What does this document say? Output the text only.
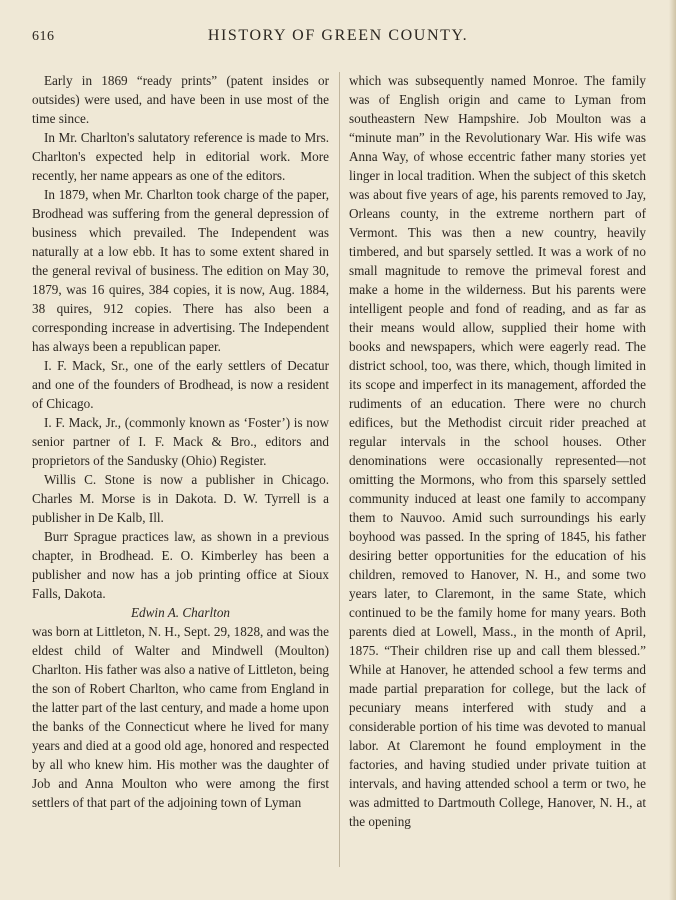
616	HISTORY OF GREEN COUNTY.

Early in 1869 “ready prints” (patent insides or outsides) were used, and have been in use most of the time since.

In Mr. Charlton's salutatory reference is made to Mrs. Charlton's expected help in editorial work. More recently, her name appears as one of the editors.

In 1879, when Mr. Charlton took charge of the paper, Brodhead was suffering from the general depression of business which prevailed. The Independent was naturally at a low ebb. It has to some extent shared in the general revival of business. The edition on May 30, 1879, was 16 quires, 384 copies, it is now, Aug. 1884, 38 quires, 912 copies. There has also been a corresponding increase in advertising. The Independent has always been a republican paper.

I. F. Mack, Sr., one of the early settlers of Decatur and one of the founders of Brodhead, is now a resident of Chicago.

I. F. Mack, Jr., (commonly known as ‘Foster’) is now senior partner of I. F. Mack & Bro., editors and proprietors of the Sandusky (Ohio) Register.

Willis C. Stone is now a publisher in Chicago. Charles M. Morse is in Dakota. D. W. Tyrrell is a publisher in De Kalb, Ill.

Burr Sprague practices law, as shown in a previous chapter, in Brodhead. E. O. Kimberley has been a publisher and now has a job printing office at Sioux Falls, Dakota.

Edwin A. Charlton

was born at Littleton, N. H., Sept. 29, 1828, and was the eldest child of Walter and Mindwell (Moulton) Charlton. His father was also a native of Littleton, being the son of Robert Charlton, who came from England in the latter part of the last century, and made a home upon the banks of the Connecticut where he lived for many years and died at a good old age, honored and respected by all who knew him. His mother was the daughter of Job and Anna Moulton who were among the first settlers of that part of the adjoining town of Lyman

which was subsequently named Monroe. The family was of English origin and came to Lyman from southeastern New Hampshire. Job Moulton was a “minute man” in the Revolutionary War. His wife was Anna Way, of whose eccentric father many stories yet linger in local tradition. When the subject of this sketch was about five years of age, his parents removed to Jay, Orleans county, in the extreme northern part of Vermont. This was then a new country, heavily timbered, and but sparsely settled. It was a work of no small magnitude to remove the primeval forest and make a home in the wilderness. But his parents were intelligent people and fond of reading, and as far as their means would allow, supplied their home with books and newspapers, which were eagerly read. The district school, too, was there, which, though limited in its scope and imperfect in its management, afforded the rudiments of an education. There were no church edifices, but the Methodist circuit rider preached at regular intervals in the school houses. Other denominations were occasionally represented—not omitting the Mormons, who from this sparsely settled community induced at least one family to accompany them to Nauvoo. Amid such surroundings his early boyhood was passed. In the spring of 1845, his father desiring better opportunities for the education of his children, removed to Hanover, N. H., and some two years later, to Claremont, in the same State, which continued to be the family home for many years. Both parents died at Lowell, Mass., in the month of April, 1875. “Their children rise up and call them blessed.” While at Hanover, he attended school a few terms and made partial preparation for college, but the lack of pecuniary means interfered with study and a considerable portion of his time was devoted to manual labor. At Claremont he found employment in the factories, and having studied under private tuition at intervals, and having attended school a term or two, he was admitted to Dartmouth College, Hanover, N. H., at the opening
